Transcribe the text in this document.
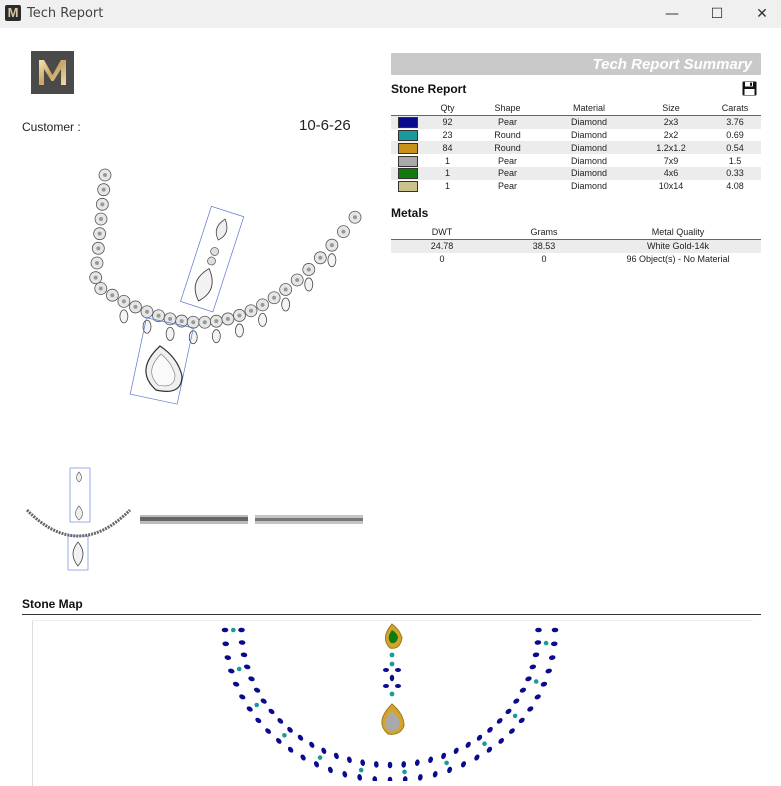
M Tech Report	—	☐	✕
Customer :	10-6-26
Tech Report Summary
Stone Report
	Qty	Shape	Material	Size	Carats
	92	Pear	Diamond	2x3	3.76
	23	Round	Diamond	2x2	0.69
	84	Round	Diamond	1.2x1.2	0.54
	1	Pear	Diamond	7x9	1.5
	1	Pear	Diamond	4x6	0.33
	1	Pear	Diamond	10x14	4.08
Metals
DWT	Grams	Metal Quality
24.78	38.53	White Gold-14k
0	0	96 Object(s) - No Material
Stone Map
